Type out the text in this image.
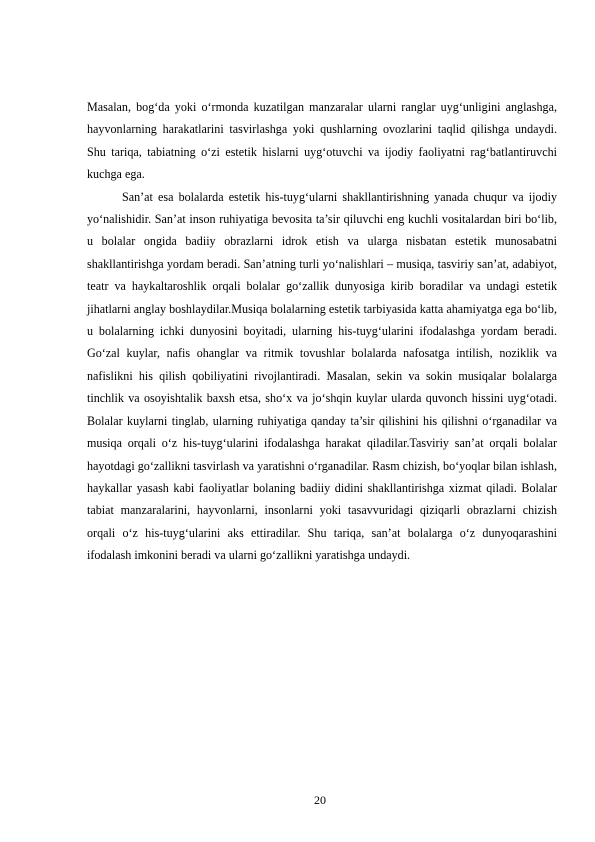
Masalan, bog‘da yoki o‘rmonda kuzatilgan manzaralar ularni ranglar uyg‘unligini anglashga, hayvonlarning harakatlarini tasvirlashga yoki qushlarning ovozlarini taqlid qilishga undaydi. Shu tariqa, tabiatning o‘zi estetik hislarni uyg‘otuvchi va ijodiy faoliyatni rag‘batlantiruvchi kuchga ega.

San’at esa bolalarda estetik his-tuyg‘ularni shakllantirishning yanada chuqur va ijodiy yo‘nalishidir. San’at inson ruhiyatiga bevosita ta’sir qiluvchi eng kuchli vositalardan biri bo‘lib, u bolalar ongida badiiy obrazlarni idrok etish va ularga nisbatan estetik munosabatni shakllantirishga yordam beradi. San’atning turli yo‘nalishlari – musiqa, tasviriy san’at, adabiyot, teatr va haykaltaroshlik orqali bolalar go‘zallik dunyosiga kirib boradilar va undagi estetik jihatlarni anglay boshlaydilar.Musiqa bolalarning estetik tarbiyasida katta ahamiyatga ega bo‘lib, u bolalarning ichki dunyosini boyitadi, ularning his-tuyg‘ularini ifodalashga yordam beradi. Go‘zal kuylar, nafis ohanglar va ritmik tovushlar bolalarda nafosatga intilish, noziklik va nafislikni his qilish qobiliyatini rivojlantiradi. Masalan, sekin va sokin musiqalar bolalarga tinchlik va osoyishtalik baxsh etsa, sho‘x va jo‘shqin kuylar ularda quvonch hissini uyg‘otadi. Bolalar kuylarni tinglab, ularning ruhiyatiga qanday ta’sir qilishini his qilishni o‘rganadilar va musiqa orqali o‘z his-tuyg‘ularini ifodalashga harakat qiladilar.Tasviriy san’at orqali bolalar hayotdagi go‘zallikni tasvirlash va yaratishni o‘rganadilar. Rasm chizish, bo‘yoqlar bilan ishlash, haykallar yasash kabi faoliyatlar bolaning badiiy didini shakllantirishga xizmat qiladi. Bolalar tabiat manzaralarini, hayvonlarni, insonlarni yoki tasavvuridagi qiziqarli obrazlarni chizish orqali o‘z his-tuyg‘ularini aks ettiradilar. Shu tariqa, san’at bolalarga o‘z dunyoqarashini ifodalash imkonini beradi va ularni go‘zallikni yaratishga undaydi.

20
